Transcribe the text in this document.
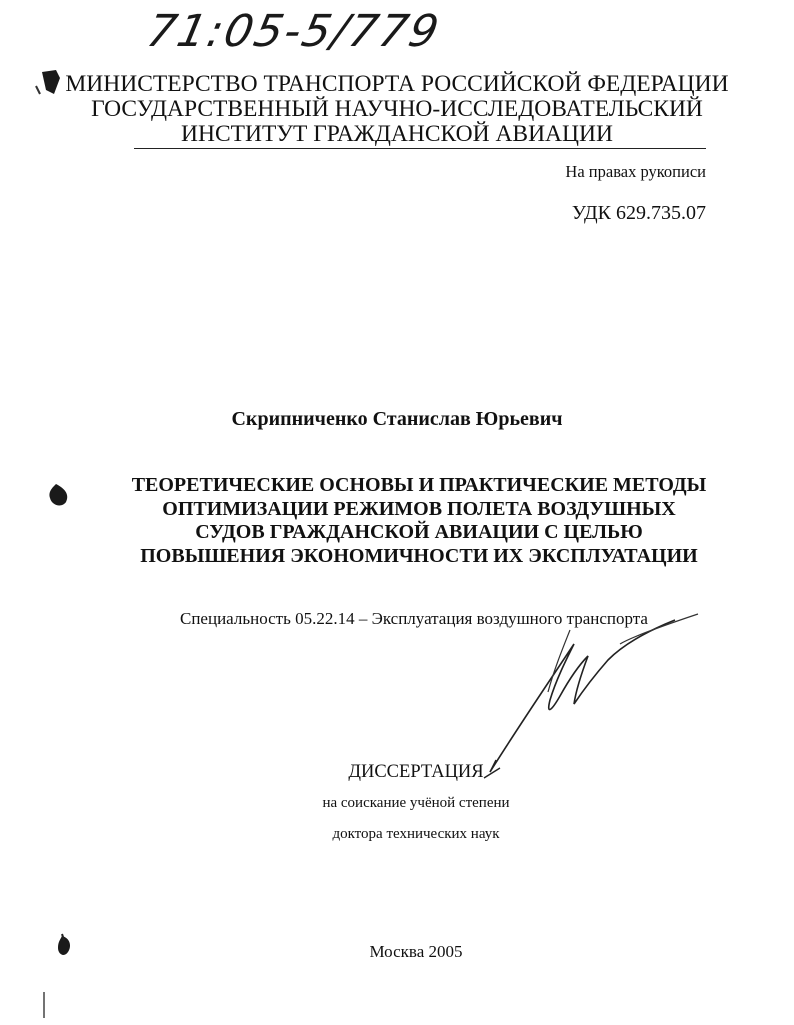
71:05-5/779
МИНИСТЕРСТВО ТРАНСПОРТА РОССИЙСКОЙ ФЕДЕРАЦИИ
ГОСУДАРСТВЕННЫЙ НАУЧНО-ИССЛЕДОВАТЕЛЬСКИЙ
ИНСТИТУТ ГРАЖДАНСКОЙ АВИАЦИИ
На правах рукописи
УДК 629.735.07
Скрипниченко Станислав Юрьевич
ТЕОРЕТИЧЕСКИЕ ОСНОВЫ И ПРАКТИЧЕСКИЕ МЕТОДЫ
ОПТИМИЗАЦИИ РЕЖИМОВ ПОЛЕТА ВОЗДУШНЫХ
СУДОВ ГРАЖДАНСКОЙ АВИАЦИИ С ЦЕЛЬЮ
ПОВЫШЕНИЯ ЭКОНОМИЧНОСТИ ИХ ЭКСПЛУАТАЦИИ
Специальность 05.22.14 – Эксплуатация воздушного транспорта
ДИССЕРТАЦИЯ
на соискание учёной степени
доктора технических наук
Москва 2005
